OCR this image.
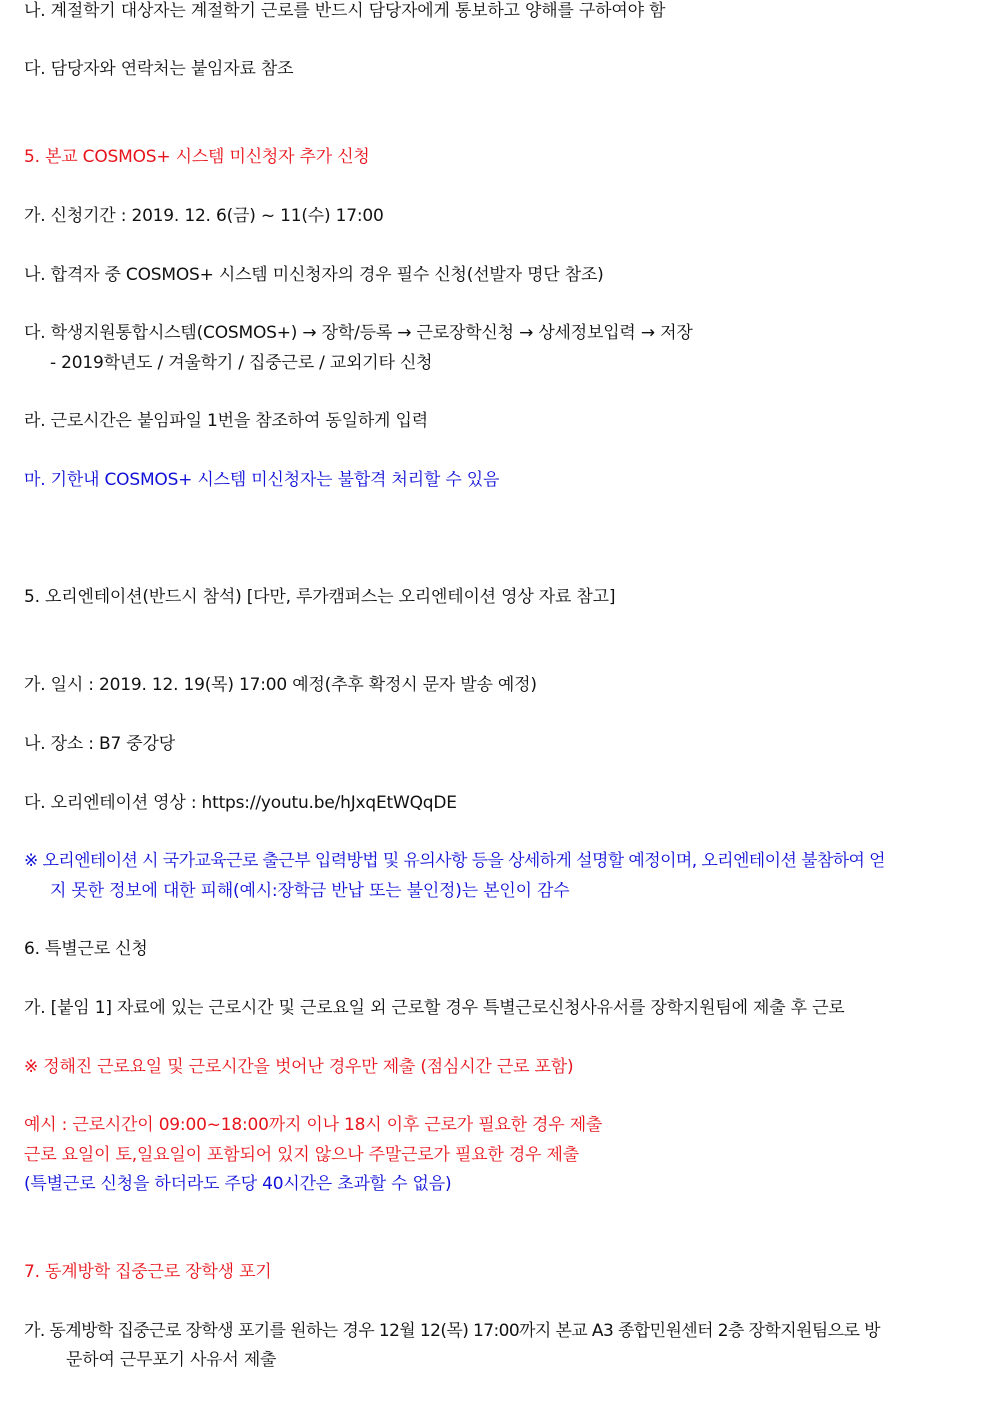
나. 계절학기 대상자는 계절학기 근로를 반드시 담당자에게 통보하고 양해를 구하여야 함
다. 담당자와 연락처는 붙임자료 참조
5. 본교 COSMOS+ 시스템 미신청자 추가 신청
가. 신청기간 : 2019. 12. 6(금) ~ 11(수) 17:00
나. 합격자 중 COSMOS+ 시스템 미신청자의 경우 필수 신청(선발자 명단 참조)
다. 학생지원통합시스템(COSMOS+) → 장학/등록 → 근로장학신청 → 상세정보입력 → 저장
- 2019학년도 / 겨울학기 / 집중근로 / 교외기타 신청
라. 근로시간은 붙임파일 1번을 참조하여 동일하게 입력
마. 기한내 COSMOS+ 시스템 미신청자는 불합격 처리할 수 있음
5. 오리엔테이션(반드시 참석) [다만, 루가캠퍼스는 오리엔테이션 영상 자료 참고]
가. 일시 : 2019. 12. 19(목) 17:00 예정(추후 확정시 문자 발송 예정)
나. 장소 : B7 중강당
다. 오리엔테이션 영상 : https://youtu.be/hJxqEtWQqDE
※ 오리엔테이션 시 국가교육근로 출근부 입력방법 및 유의사항 등을 상세하게 설명할 예정이며, 오리엔테이션 불참하여 얻
지 못한 정보에 대한 피해(예시:장학금 반납 또는 불인정)는 본인이 감수
6. 특별근로 신청
가. [붙임 1] 자료에 있는 근로시간 및 근로요일 외 근로할 경우 특별근로신청사유서를 장학지원팀에 제출 후 근로
※ 정해진 근로요일 및 근로시간을 벗어난 경우만 제출 (점심시간 근로 포함)
예시 : 근로시간이 09:00~18:00까지 이나 18시 이후 근로가 필요한 경우 제출
근로 요일이 토,일요일이 포함되어 있지 않으나 주말근로가 필요한 경우 제출
(특별근로 신청을 하더라도 주당 40시간은 초과할 수 없음)
7. 동계방학 집중근로 장학생 포기
가. 동계방학 집중근로 장학생 포기를 원하는 경우 12월 12(목) 17:00까지 본교 A3 종합민원센터 2층 장학지원팀으로 방
문하여 근무포기 사유서 제출
